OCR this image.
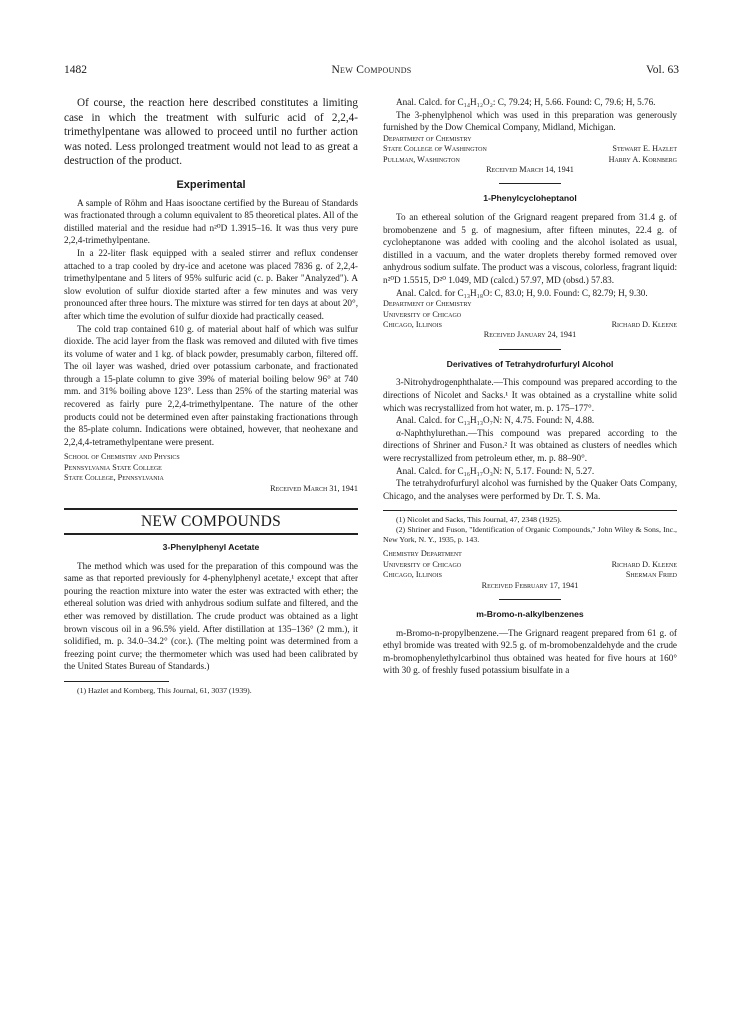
1482	New Compounds	Vol. 63

Of course, the reaction here described constitutes a limiting case in which the treatment with sulfuric acid of 2,2,4-trimethylpentane was allowed to proceed until no further action was noted. Less prolonged treatment would not lead to as great a destruction of the product.

Experimental

A sample of Röhm and Haas isooctane certified by the Bureau of Standards was fractionated through a column equivalent to 85 theoretical plates. All of the distilled material and the residue had n²⁰D 1.3915–16. It was thus very pure 2,2,4-trimethylpentane.

In a 22-liter flask equipped with a sealed stirrer and reflux condenser attached to a trap cooled by dry-ice and acetone was placed 7836 g. of 2,2,4-trimethylpentane and 5 liters of 95% sulfuric acid (c. p. Baker "Analyzed"). A slow evolution of sulfur dioxide started after a few minutes and was very pronounced after three hours. The mixture was stirred for ten days at about 20°, after which time the evolution of sulfur dioxide had practically ceased.

The cold trap contained 610 g. of material about half of which was sulfur dioxide. The acid layer from the flask was removed and diluted with five times its volume of water and 1 kg. of black powder, presumably carbon, filtered off. The oil layer was washed, dried over potassium carbonate, and fractionated through a 15-plate column to give 39% of material boiling below 96° at 740 mm. and 31% boiling above 123°. Less than 25% of the starting material was recovered as fairly pure 2,2,4-trimethylpentane. The nature of the other products could not be determined even after painstaking fractionations through the 85-plate column. Indications were obtained, however, that neohexane and 2,2,4,4-tetramethylpentane were present.

School of Chemistry and Physics
Pennsylvania State College
State College, Pennsylvania
Received March 31, 1941
NEW COMPOUNDS
3-Phenylphenyl Acetate

The method which was used for the preparation of this compound was the same as that reported previously for 4-phenylphenyl acetate,¹ except that after pouring the reaction mixture into water the ester was extracted with ether; the ethereal solution was dried with anhydrous sodium sulfate and filtered, and the ether was removed by distillation. The crude product was obtained as a light brown viscous oil in a 96.5% yield. After distillation at 135–136° (2 mm.), it solidified, m. p. 34.0–34.2° (cor.). (The melting point was determined from a freezing point curve; the thermometer which was used had been calibrated by the United States Bureau of Standards.)

(1) Hazlet and Kornberg, This Journal, 61, 3037 (1939).

Anal. Calcd. for C₁₄H₁₂O₂: C, 79.24; H, 5.66. Found: C, 79.6; H, 5.76.

The 3-phenylphenol which was used in this preparation was generously furnished by the Dow Chemical Company, Midland, Michigan.

Department of Chemistry
State College of Washington	Stewart E. Hazlet
Pullman, Washington	Harry A. Kornberg
Received March 14, 1941
1-Phenylcycloheptanol

To an ethereal solution of the Grignard reagent prepared from 31.4 g. of bromobenzene and 5 g. of magnesium, after fifteen minutes, 22.4 g. of cycloheptanone was added with cooling and the alcohol isolated as usual, distilled in a vacuum, and the water droplets thereby formed removed over anhydrous sodium sulfate. The product was a viscous, colorless, fragrant liquid: n²⁰D 1.5515, D²⁰ 1.049, MD (calcd.) 57.97, MD (obsd.) 57.83.

Anal. Calcd. for C₁₃H₁₈O: C, 83.0; H, 9.0. Found: C, 82.79; H, 9.30.

Department of Chemistry
University of Chicago
Chicago, Illinois	Richard D. Kleene
Received January 24, 1941
Derivatives of Tetrahydrofurfuryl Alcohol

3-Nitrohydrogenphthalate.—This compound was prepared according to the directions of Nicolet and Sacks.¹ It was obtained as a crystalline white solid which was recrystallized from hot water, m. p. 175–177°.

Anal. Calcd. for C₁₃H₁₃O₇N: N, 4.75. Found: N, 4.88.

α-Naphthylurethan.—This compound was prepared according to the directions of Shriner and Fuson.² It was obtained as clusters of needles which were recrystallized from petroleum ether, m. p. 88–90°.

Anal. Calcd. for C₁₆H₁₇O₃N: N, 5.17. Found: N, 5.27.

The tetrahydrofurfuryl alcohol was furnished by the Quaker Oats Company, Chicago, and the analyses were performed by Dr. T. S. Ma.

(1) Nicolet and Sacks, This Journal, 47, 2348 (1925).

(2) Shriner and Fuson, "Identification of Organic Compounds," John Wiley & Sons, Inc., New York, N. Y., 1935, p. 143.

Chemistry Department
University of Chicago	Richard D. Kleene
Chicago, Illinois	Sherman Fried
Received February 17, 1941
m-Bromo-n-alkylbenzenes

m-Bromo-n-propylbenzene.—The Grignard reagent prepared from 61 g. of ethyl bromide was treated with 92.5 g. of m-bromobenzaldehyde and the crude m-bromophenylethylcarbinol thus obtained was heated for five hours at 160° with 30 g. of freshly fused potassium bisulfate in a
